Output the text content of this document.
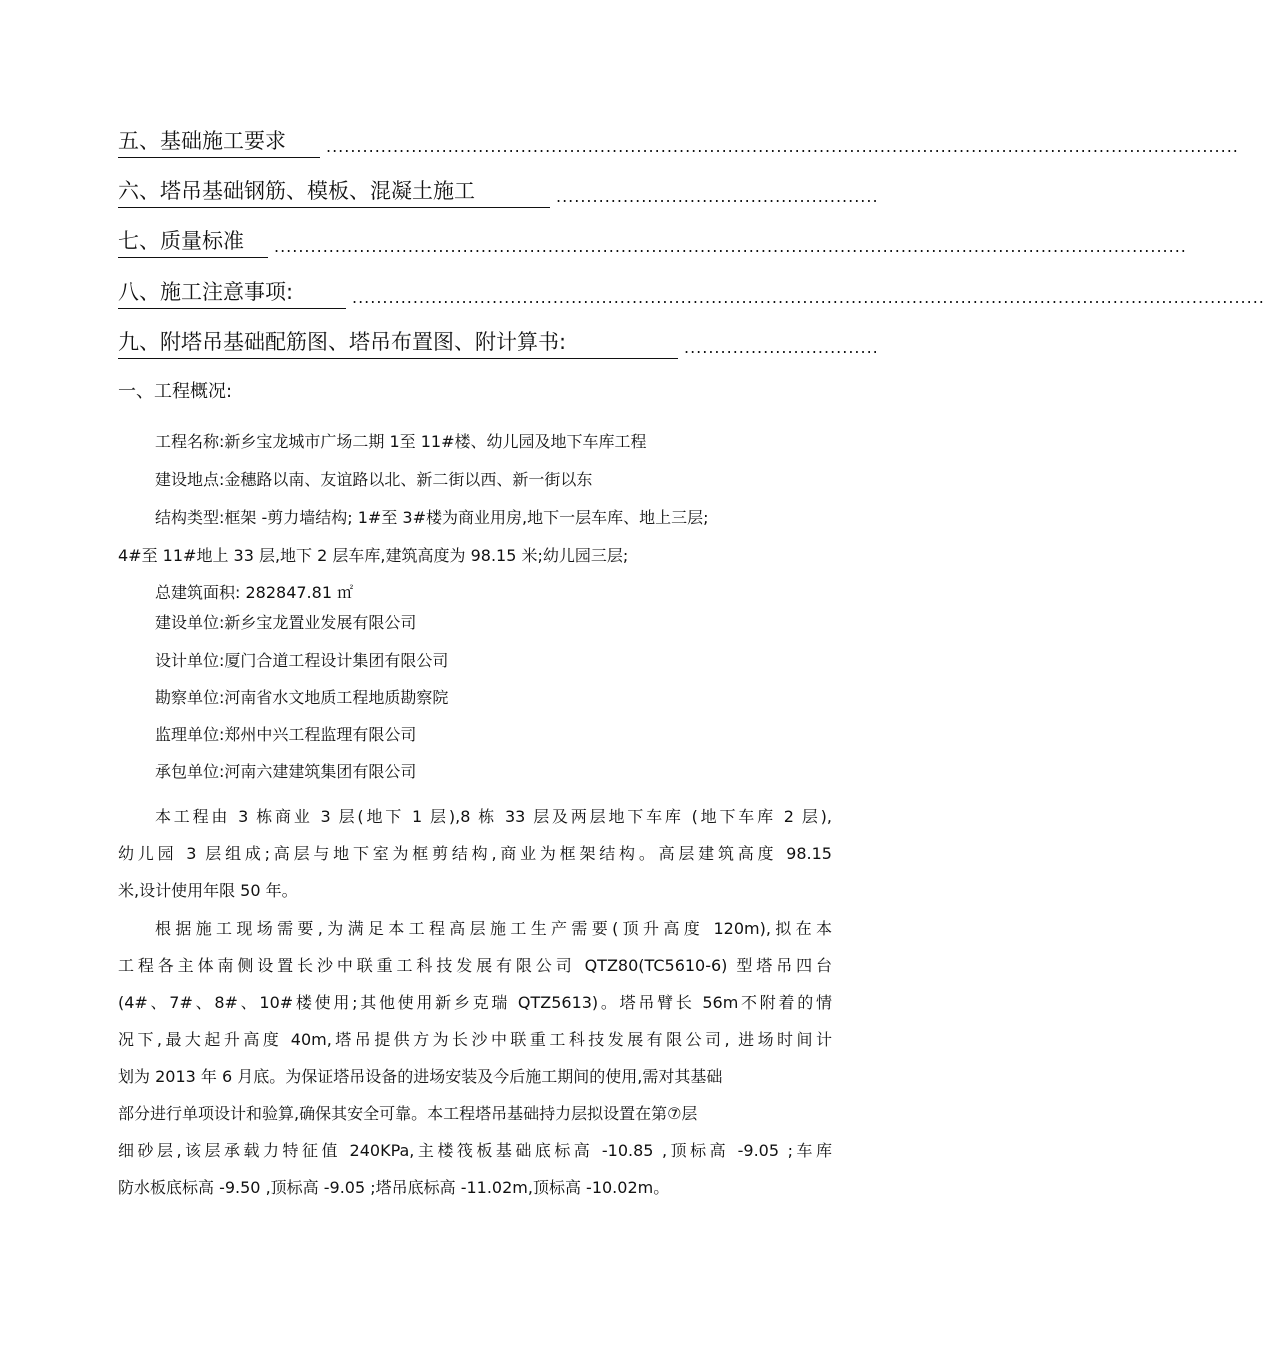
五、基础施工要求	......................................................................................................................................................
六、塔吊基础钢筋、模板、混凝土施工	.....................................................
七、质量标准	......................................................................................................................................................
八、施工注意事项:	......................................................................................................................................................
九、附塔吊基础配筋图、塔吊布置图、附计算书:	................................
一、工程概况:
工程名称:新乡宝龙城市广场二期 1至 11#楼、幼儿园及地下车库工程
建设地点:金穗路以南、友谊路以北、新二街以西、新一街以东
结构类型:框架 -剪力墙结构; 1#至 3#楼为商业用房,地下一层车库、地上三层;
4#至 11#地上 33 层,地下 2 层车库,建筑高度为 98.15 米;幼儿园三层;
总建筑面积: 282847.81 ㎡
建设单位:新乡宝龙置业发展有限公司
设计单位:厦门合道工程设计集团有限公司
勘察单位:河南省水文地质工程地质勘察院
监理单位:郑州中兴工程监理有限公司
承包单位:河南六建建筑集团有限公司
本工程由 3 栋商业 3 层(地下 1 层),8 栋 33 层及两层地下车库 (地下车库 2 层),
幼儿园 3 层组成;高层与地下室为框剪结构,商业为框架结构。高层建筑高度 98.15
米,设计使用年限 50 年。
根据施工现场需要,为满足本工程高层施工生产需要(顶升高度 120m),拟在本
工程各主体南侧设置长沙中联重工科技发展有限公司 QTZ80(TC5610-6) 型塔吊四台
(4#、7#、8#、10#楼使用;其他使用新乡克瑞 QTZ5613)。塔吊臂长 56m不附着的情
况下,最大起升高度 40m,塔吊提供方为长沙中联重工科技发展有限公司, 进场时间计
划为 2013 年 6 月底。为保证塔吊设备的进场安装及今后施工期间的使用,需对其基础
部分进行单项设计和验算,确保其安全可靠。本工程塔吊基础持力层拟设置在第⑦层
细砂层,该层承载力特征值 240KPa,主楼筏板基础底标高 -10.85 ,顶标高 -9.05 ;车库
防水板底标高 -9.50 ,顶标高 -9.05 ;塔吊底标高 -11.02m,顶标高 -10.02m。
